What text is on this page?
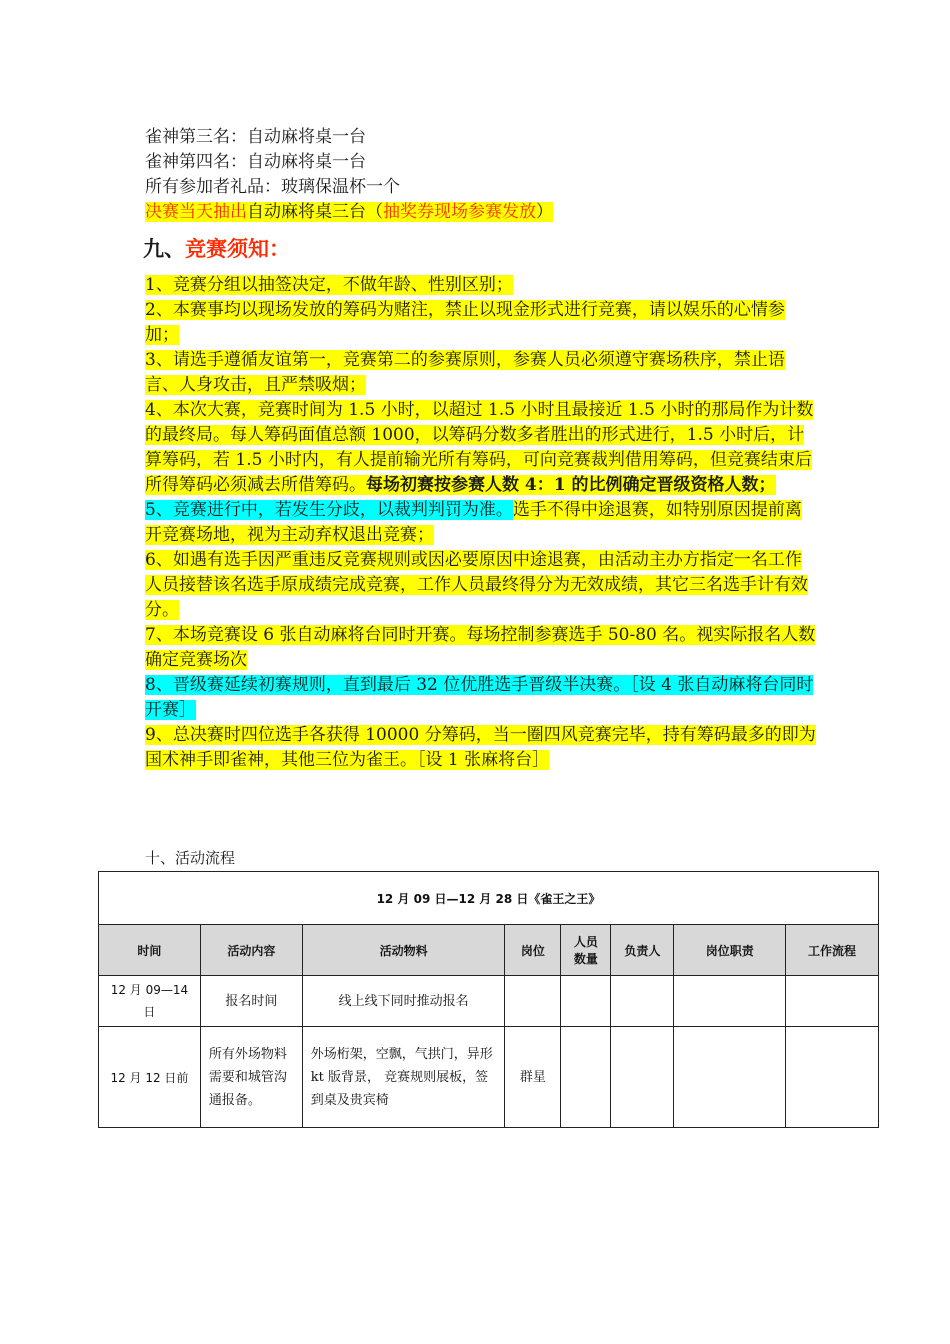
雀神第三名：自动麻将桌一台
雀神第四名：自动麻将桌一台
所有参加者礼品：玻璃保温杯一个
决赛当天抽出自动麻将桌三台（抽奖券现场参赛发放）
九、竞赛须知：

1、竞赛分组以抽签决定，不做年龄、性别区别；

2、本赛事均以现场发放的筹码为赌注，禁止以现金形式进行竞赛，请以娱乐的心情参加；

3、请选手遵循友谊第一，竞赛第二的参赛原则，参赛人员必须遵守赛场秩序，禁止语言、人身攻击，且严禁吸烟；

4、本次大赛，竞赛时间为 1.5 小时，以超过 1.5 小时且最接近 1.5 小时的那局作为计数的最终局。每人筹码面值总额 1000，以筹码分数多者胜出的形式进行，1.5 小时后，计算筹码，若 1.5 小时内，有人提前输光所有筹码，可向竞赛裁判借用筹码，但竞赛结束后所得筹码必须减去所借筹码。每场初赛按参赛人数 4：1 的比例确定晋级资格人数；

5、竞赛进行中，若发生分歧，以裁判判罚为准。选手不得中途退赛，如特别原因提前离开竞赛场地，视为主动弃权退出竞赛；

6、如遇有选手因严重违反竞赛规则或因必要原因中途退赛，由活动主办方指定一名工作人员接替该名选手原成绩完成竞赛，工作人员最终得分为无效成绩，其它三名选手计有效分。

7、本场竞赛设 6 张自动麻将台同时开赛。每场控制参赛选手 50-80 名。视实际报名人数确定竞赛场次

8、晋级赛延续初赛规则，直到最后 32 位优胜选手晋级半决赛。［设 4 张自动麻将台同时开赛］

9、总决赛时四位选手各获得 10000 分筹码，当一圈四风竞赛完毕，持有筹码最多的即为国术神手即雀神，其他三位为雀王。［设 1 张麻将台］

十、活动流程
12 月 09 日—12 月 28 日《雀王之王》							
时间	活动内容	活动物料	岗位	人员数量	负责人	岗位职责	工作流程
12 月 09—14 日	报名时间	线上线下同时推动报名					
12 月 12 日前	所有外场物料需要和城管沟通报备。	外场桁架，空飘，气拱门，异形 kt 版背景， 竞赛规则展板，签到桌及贵宾椅	群星				
